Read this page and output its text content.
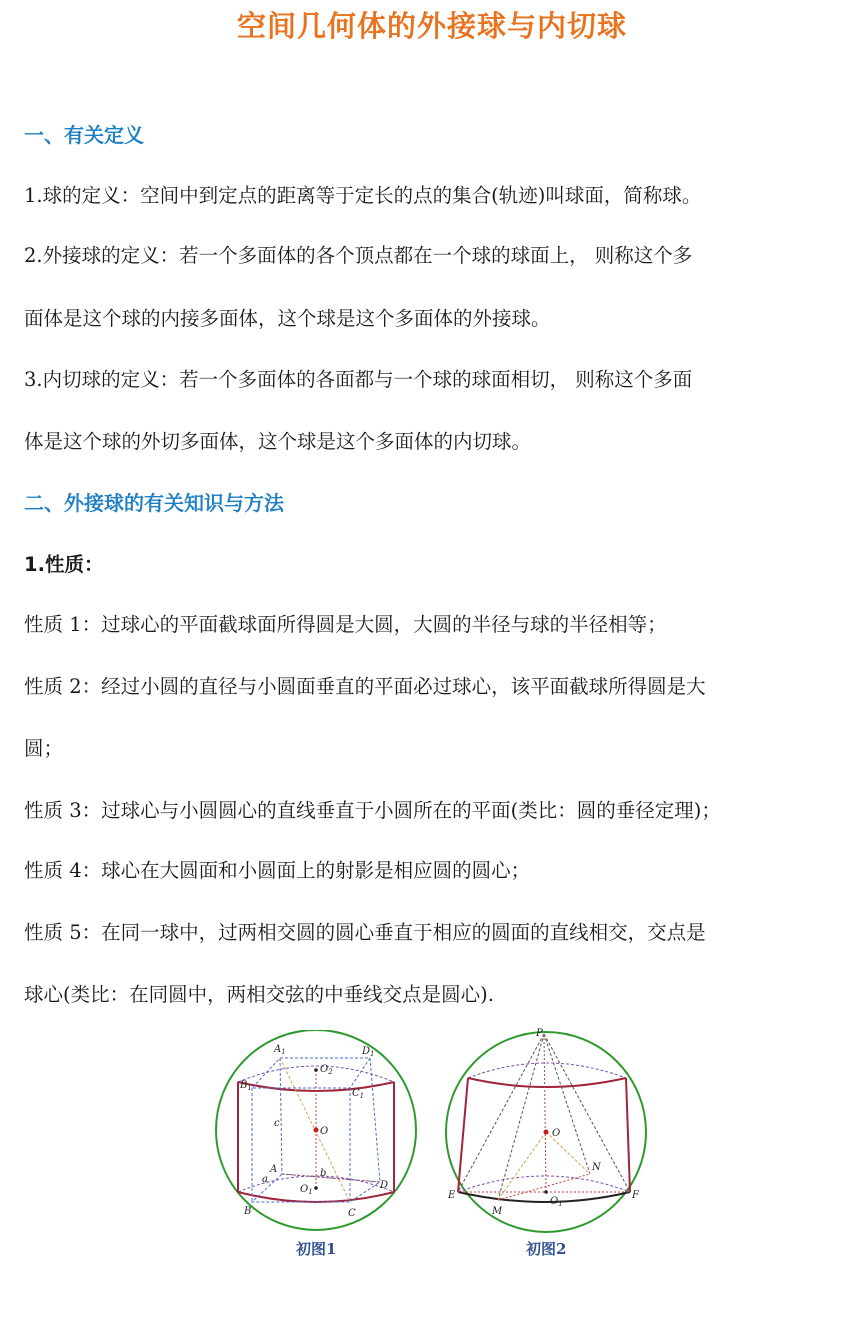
空间几何体的外接球与内切球
一、有关定义
1.球的定义：空间中到定点的距离等于定长的点的集合(轨迹)叫球面，简称球。
2.外接球的定义：若一个多面体的各个顶点都在一个球的球面上， 则称这个多
面体是这个球的内接多面体，这个球是这个多面体的外接球。
3.内切球的定义：若一个多面体的各面都与一个球的球面相切， 则称这个多面
体是这个球的外切多面体，这个球是这个多面体的内切球。
二、外接球的有关知识与方法
1.性质：
性质 1：过球心的平面截球面所得圆是大圆，大圆的半径与球的半径相等；
性质 2：经过小圆的直径与小圆面垂直的平面必过球心，该平面截球所得圆是大
圆；
性质 3：过球心与小圆圆心的直线垂直于小圆所在的平面(类比：圆的垂径定理)；
性质 4：球心在大圆面和小圆面上的射影是相应圆的圆心；
性质 5：在同一球中，过两相交圆的圆心垂直于相应的圆面的直线相交，交点是
球心(类比：在同圆中，两相交弦的中垂线交点是圆心).
$A_1$	$D_1$
$O_2$
$B_1$	$C_1$
c
O
A
a
b
$O_1$
D
B	C
初图1
P
O
N
E	F
M
$O_1$
初图2
